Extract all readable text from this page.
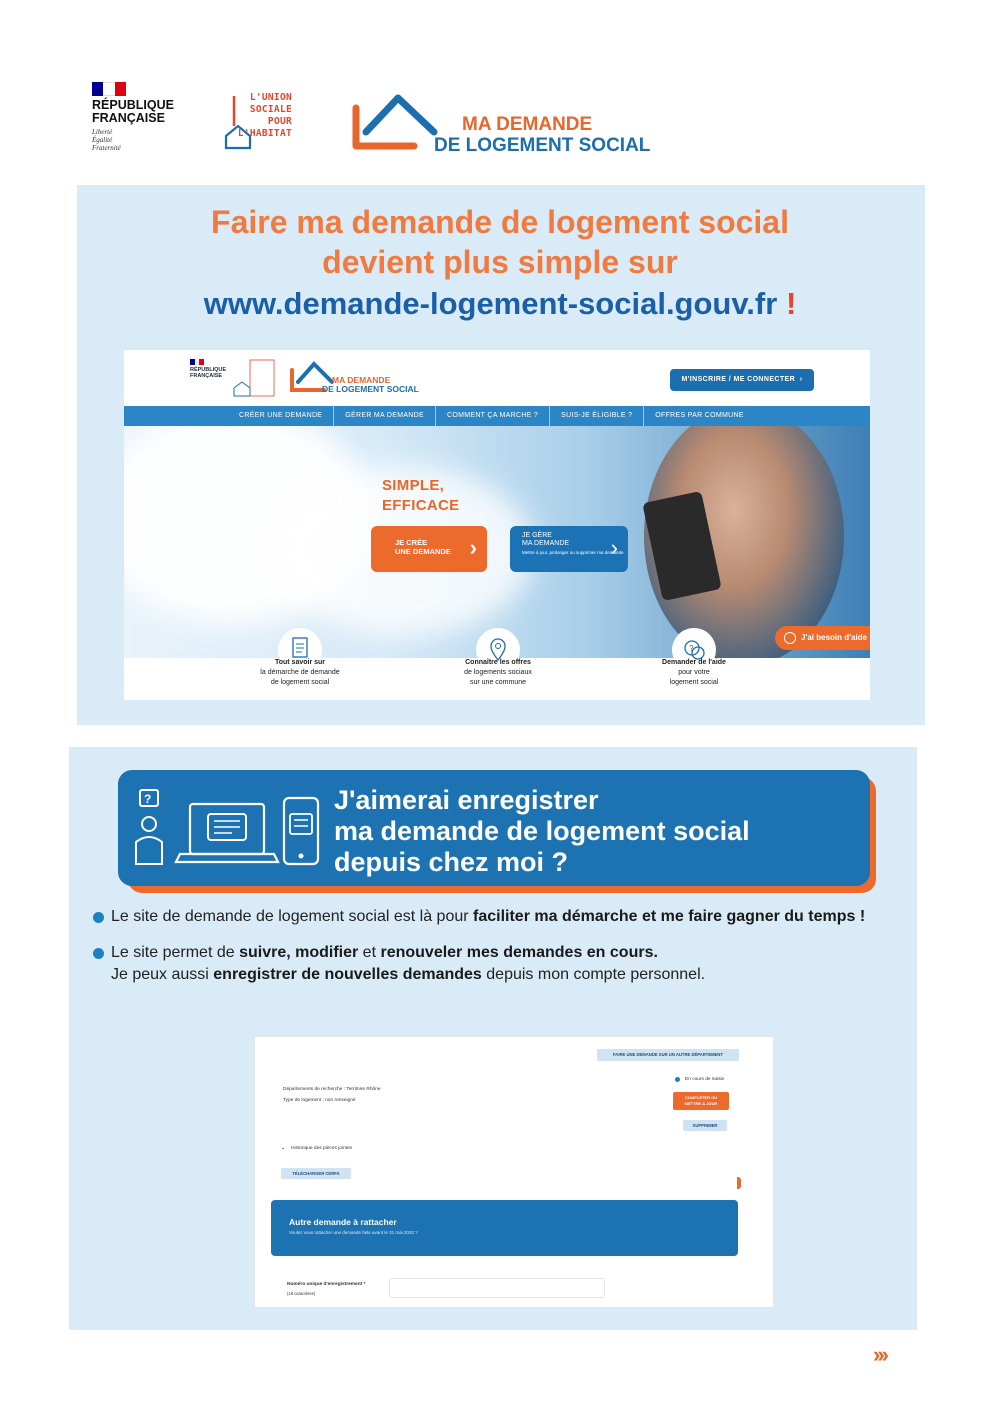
RÉPUBLIQUE
FRANÇAISE
Liberté
Égalité
Fraternité
L'UNION
SOCIALE
POUR
L'HABITAT	MA DEMANDE
DE LOGEMENT SOCIAL
Faire ma demande de logement social
devient plus simple sur
www.demande-logement-social.gouv.fr !
RÉPUBLIQUE FRANÇAISE	MA DEMANDE
DE LOGEMENT SOCIAL
M'INSCRIRE / ME CONNECTER  ›
CRÉER UNE DEMANDE	GÉRER MA DEMANDE	COMMENT ÇA MARCHE ?	SUIS-JE ÉLIGIBLE ?	OFFRES PAR COMMUNE
SIMPLE,
EFFICACE
JE CRÉE
UNE DEMANDE ›	JE GÈRE
MA DEMANDE
Mettre à jour, prolonger ou supprimer ma demande
›
J'ai besoin d'aide
?
Tout savoir sur
la démarche de demande
de logement social
Connaître les offres
de logements sociaux
sur une commune
Demander de l'aide
pour votre
logement social
?	J'aimerai enregistrer
ma demande de logement social
depuis chez moi ?
Le site de demande de logement social est là pour faciliter ma démarche et me faire gagner du temps !
Le site permet de suivre, modifier et renouveler mes demandes en cours.
Je peux aussi enregistrer de nouvelles demandes depuis mon compte personnel.
FAIRE UNE DEMANDE SUR UN AUTRE DÉPARTEMENT
En cours de saisie
Départements de recherche : Territoire Rhône
Type de logement : non renseigné
COMPLÉTER OU
METTRE À JOUR
SUPPRIMER
⌄ Historique des pièces jointes
TÉLÉCHARGER CERFA
Autre demande à rattacher
Voulez vous rattacher une demande faite avant le 31 mai 2020 ?
Numéro unique d'enregistrement *
(18 caractères)
›››
